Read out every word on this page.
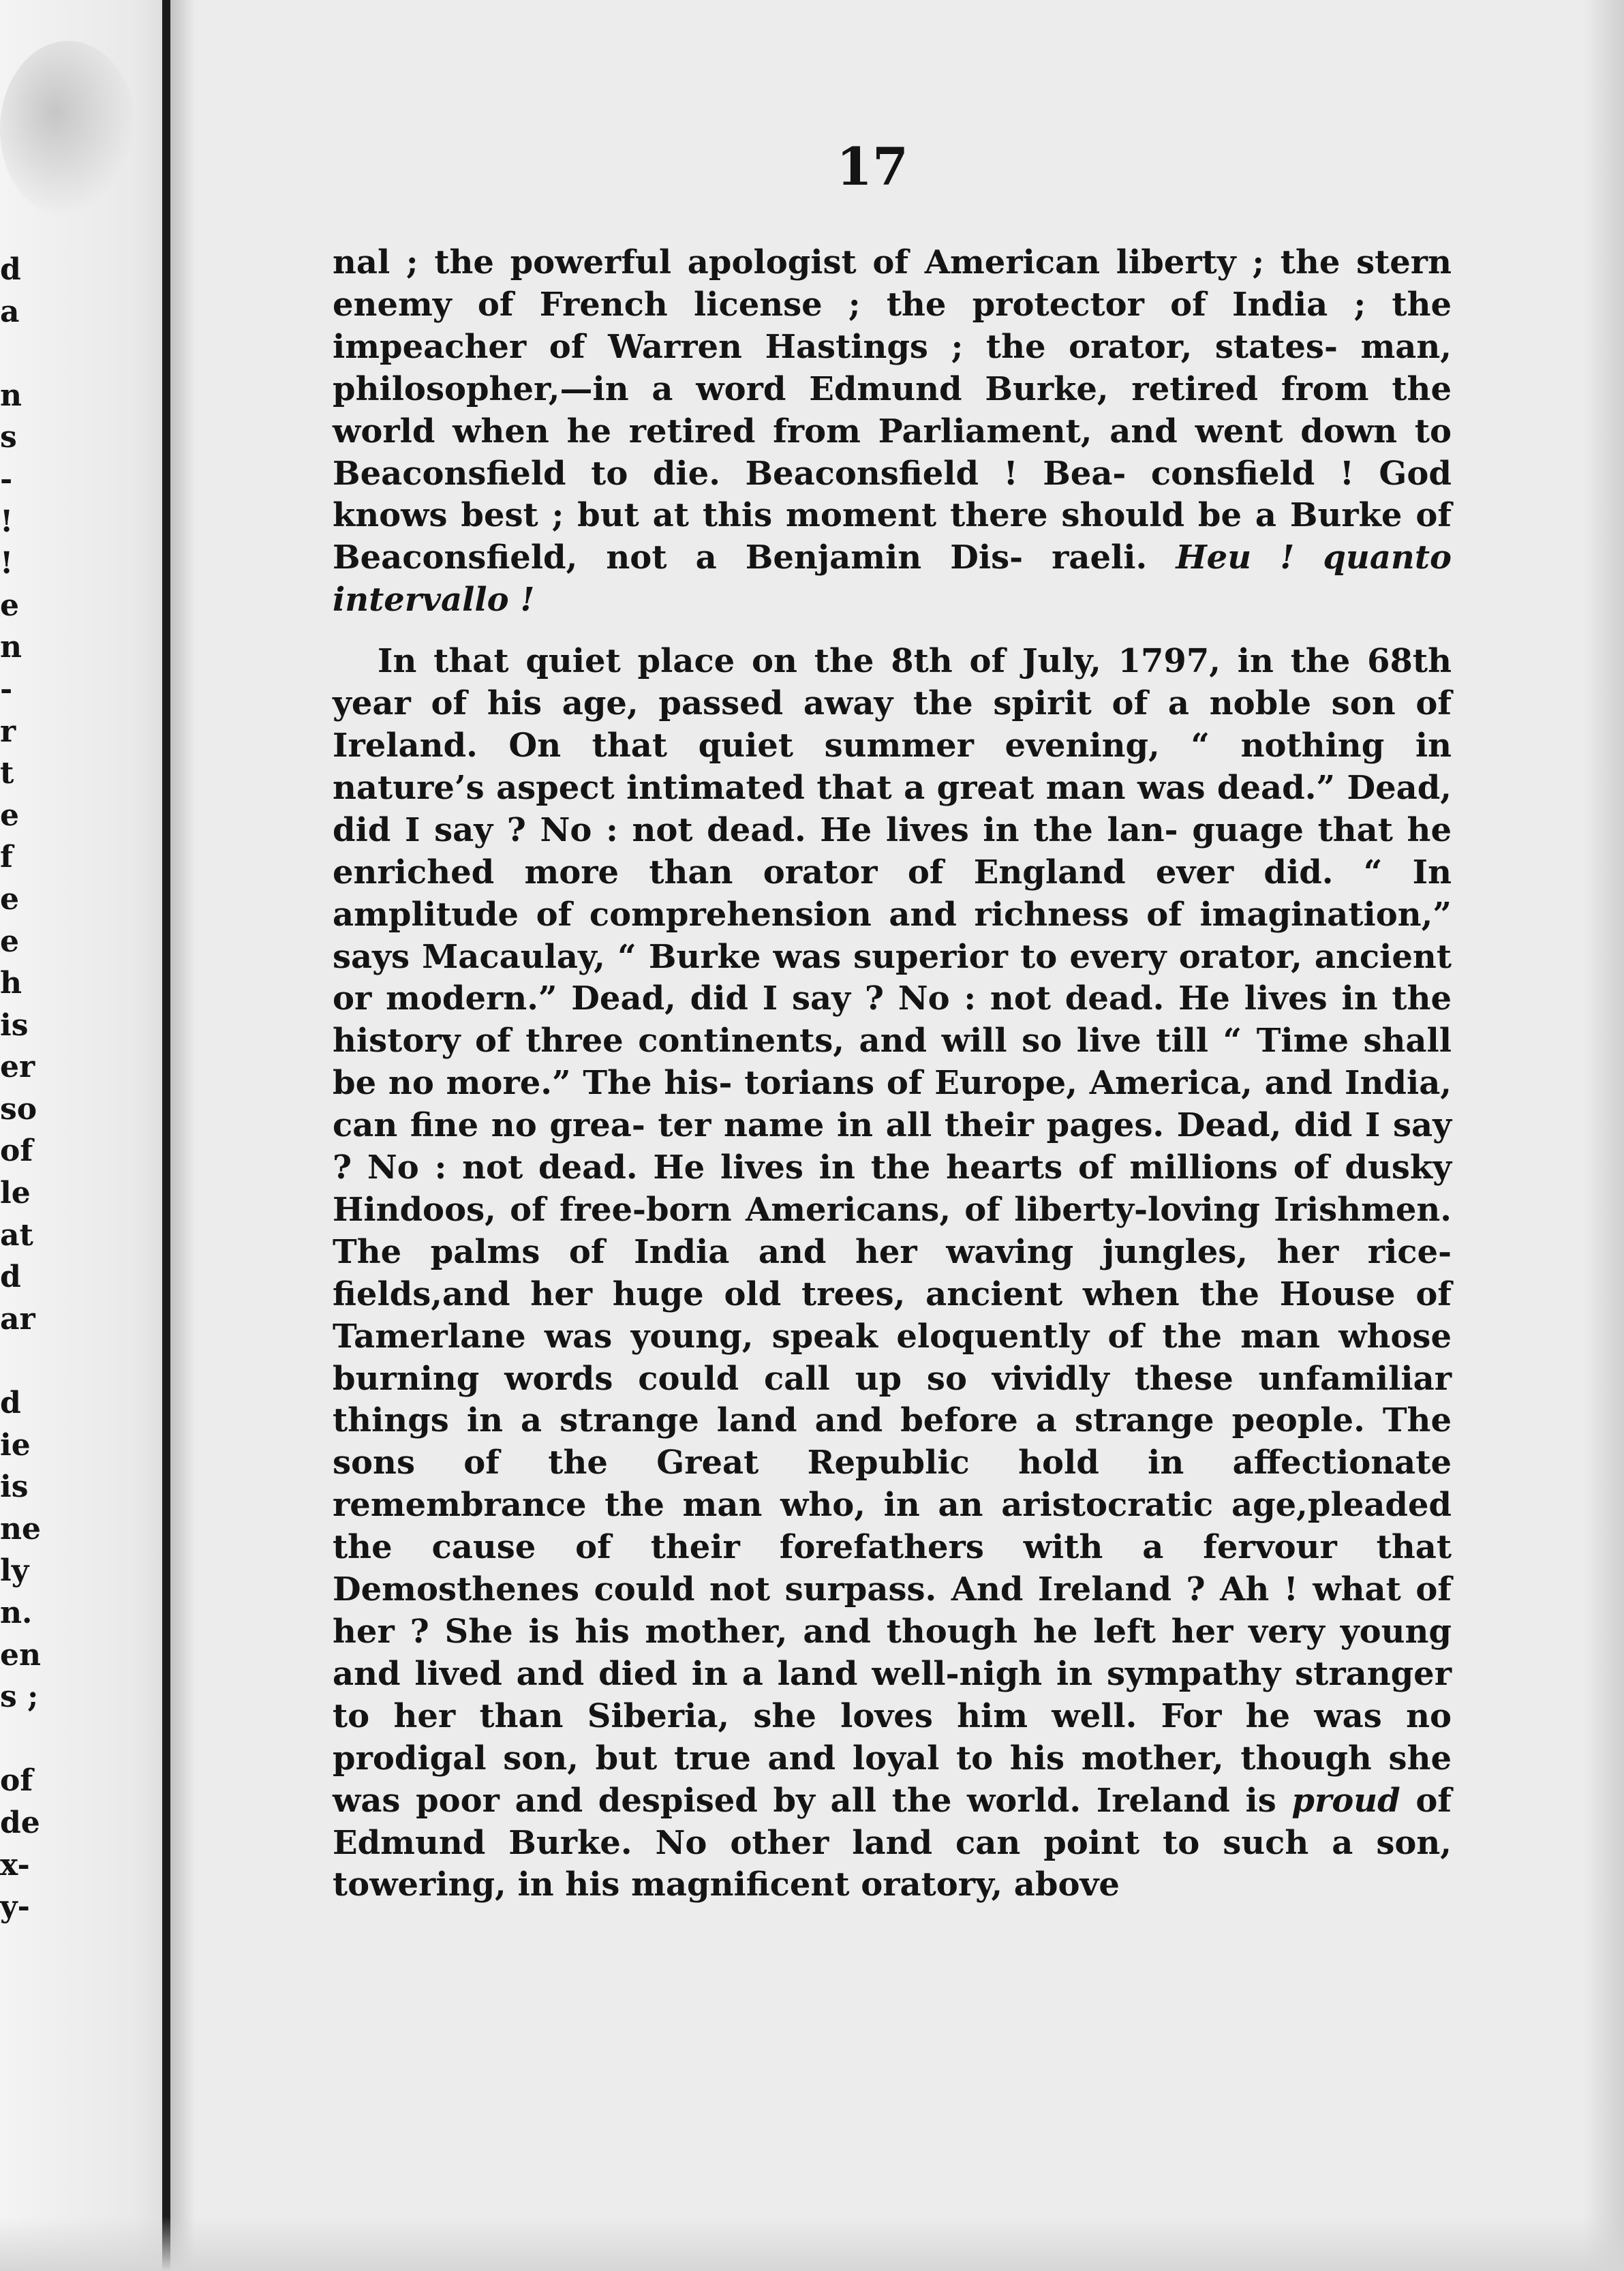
d
a
n
s
-
!
!
e
n
-
r
t
e
f
e
e
h
is
er
so
of
le
at
d
ar
d
ie
is
ne
ly
n.
en
s ;
of
de
x-
y-
17

nal ; the powerful apologist of American liberty ; the stern enemy of French license ; the protector of India ; the impeacher of Warren Hastings ; the orator, states- man, philosopher,—in a word Edmund Burke, retired from the world when he retired from Parliament, and went down to Beaconsfield to die. Beaconsfield ! Bea- consfield ! God knows best ; but at this moment there should be a Burke of Beaconsfield, not a Benjamin Dis- raeli. Heu ! quanto intervallo !

In that quiet place on the 8th of July, 1797, in the 68th year of his age, passed away the spirit of a noble son of Ireland. On that quiet summer evening, “ nothing in nature’s aspect intimated that a great man was dead.” Dead, did I say ? No : not dead. He lives in the lan- guage that he enriched more than orator of England ever did. “ In amplitude of comprehension and richness of imagination,” says Macaulay, “ Burke was superior to every orator, ancient or modern.” Dead, did I say ? No : not dead. He lives in the history of three continents, and will so live till “ Time shall be no more.” The his- torians of Europe, America, and India, can fine no grea- ter name in all their pages. Dead, did I say ? No : not dead. He lives in the hearts of millions of dusky Hindoos, of free-born Americans, of liberty-loving Irishmen. The palms of India and her waving jungles, her rice-fields,and her huge old trees, ancient when the House of Tamerlane was young, speak eloquently of the man whose burning words could call up so vividly these unfamiliar things in a strange land and before a strange people. The sons of the Great Republic hold in affectionate remembrance the man who, in an aristocratic age,pleaded the cause of their forefathers with a fervour that Demosthenes could not surpass. And Ireland ? Ah ! what of her ? She is his mother, and though he left her very young and lived and died in a land well-nigh in sympathy stranger to her than Siberia, she loves him well. For he was no prodigal son, but true and loyal to his mother, though she was poor and despised by all the world. Ireland is proud of Edmund Burke. No other land can point to such a son, towering, in his magnificent oratory, above
